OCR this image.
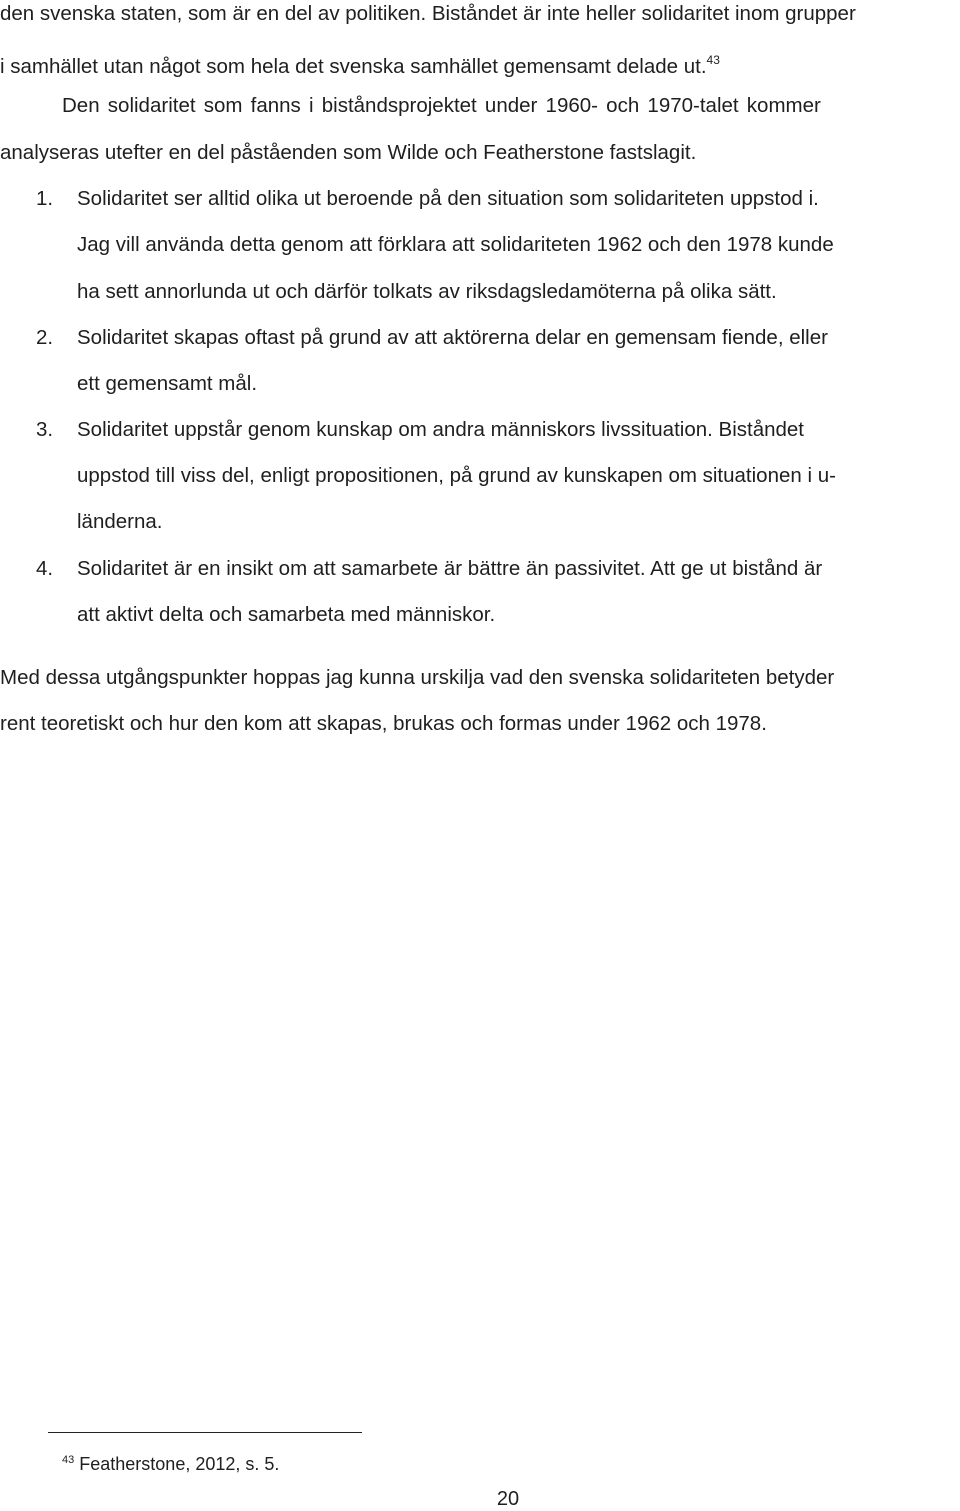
den svenska staten, som är en del av politiken. Biståndet är inte heller solidaritet inom grupper
i samhället utan något som hela det svenska samhället gemensamt delade ut.$^{43}$
Den solidaritet som fanns i biståndsprojektet under 1960- och 1970-talet kommer
analyseras utefter en del påståenden som Wilde och Featherstone fastslagit.
1. Solidaritet ser alltid olika ut beroende på den situation som solidariteten uppstod i.
Jag vill använda detta genom att förklara att solidariteten 1962 och den 1978 kunde
ha sett annorlunda ut och därför tolkats av riksdagsledamöterna på olika sätt.
2. Solidaritet skapas oftast på grund av att aktörerna delar en gemensam fiende, eller
ett gemensamt mål.
3. Solidaritet uppstår genom kunskap om andra människors livssituation. Biståndet
uppstod till viss del, enligt propositionen, på grund av kunskapen om situationen i u-
länderna.
4. Solidaritet är en insikt om att samarbete är bättre än passivitet. Att ge ut bistånd är
att aktivt delta och samarbeta med människor.
Med dessa utgångspunkter hoppas jag kunna urskilja vad den svenska solidariteten betyder
rent teoretiskt och hur den kom att skapas, brukas och formas under 1962 och 1978.
$^{43}$ Featherstone, 2012, s. 5.
20
